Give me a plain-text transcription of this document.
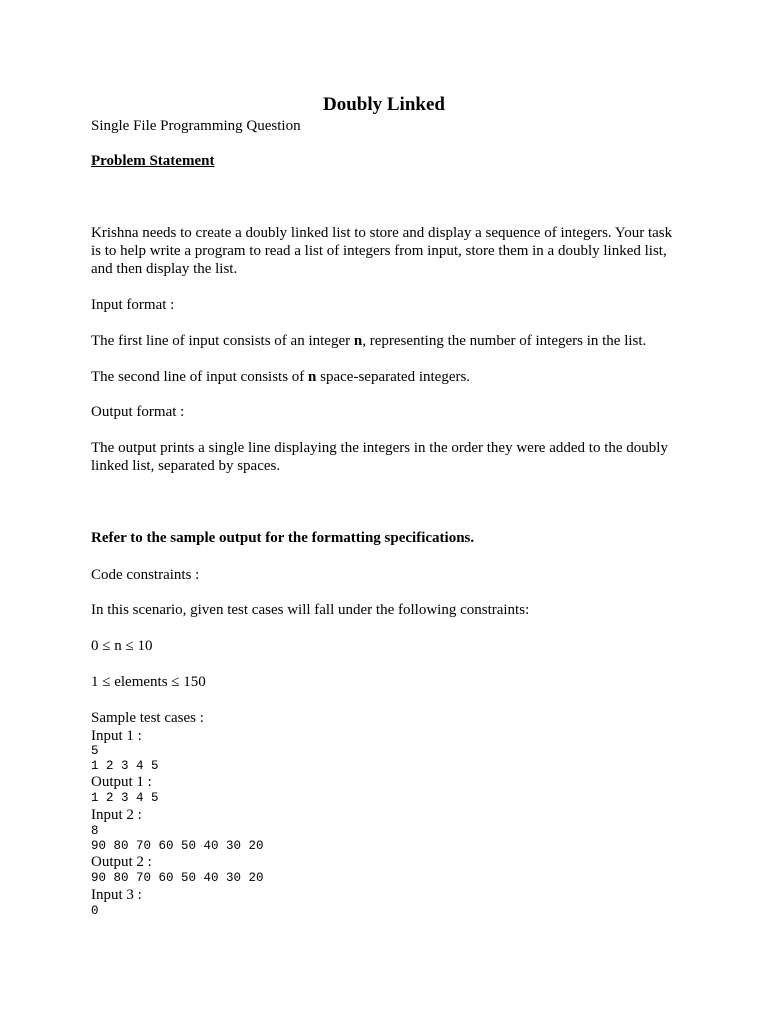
Doubly Linked
Single File Programming Question
Problem Statement
Krishna needs to create a doubly linked list to store and display a sequence of integers. Your task
is to help write a program to read a list of integers from input, store them in a doubly linked list,
and then display the list.
Input format :
The first line of input consists of an integer n, representing the number of integers in the list.
The second line of input consists of n space-separated integers.
Output format :
The output prints a single line displaying the integers in the order they were added to the doubly
linked list, separated by spaces.
Refer to the sample output for the formatting specifications.
Code constraints :
In this scenario, given test cases will fall under the following constraints:
0 ≤ n ≤ 10
1 ≤ elements ≤ 150
Sample test cases :
Input 1 :
5
1 2 3 4 5
Output 1 :
1 2 3 4 5
Input 2 :
8
90 80 70 60 50 40 30 20
Output 2 :
90 80 70 60 50 40 30 20
Input 3 :
0
